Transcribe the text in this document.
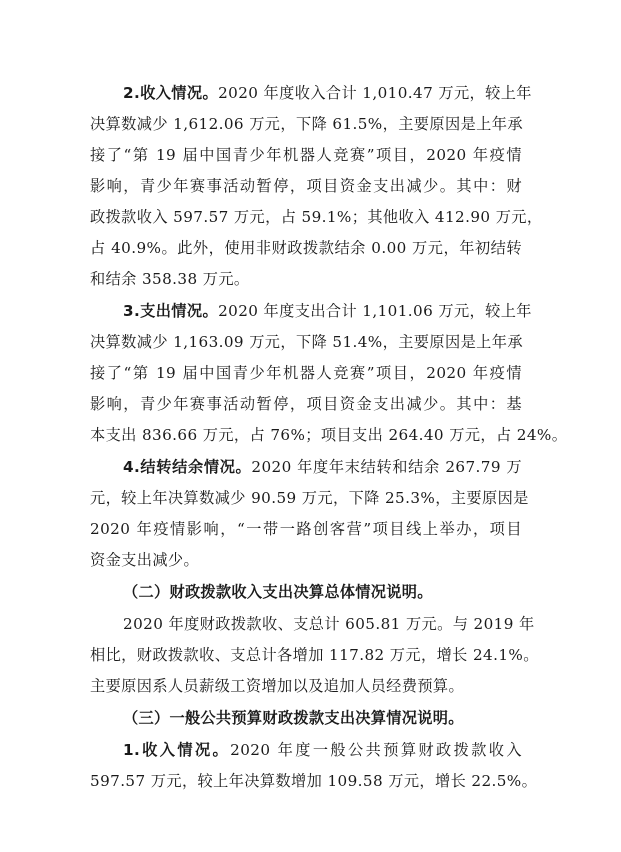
2.收入情况。2020 年度收入合计 1,010.47 万元，较上年
决算数减少 1,612.06 万元，下降 61.5%，主要原因是上年承
接了“第 19 届中国青少年机器人竞赛”项目，2020 年疫情
影响，青少年赛事活动暂停，项目资金支出减少。其中：财
政拨款收入 597.57 万元，占 59.1%；其他收入 412.90 万元，
占 40.9%。此外，使用非财政拨款结余 0.00 万元，年初结转
和结余 358.38 万元。
3.支出情况。2020 年度支出合计 1,101.06 万元，较上年
决算数减少 1,163.09 万元，下降 51.4%，主要原因是上年承
接了“第 19 届中国青少年机器人竞赛”项目，2020 年疫情
影响，青少年赛事活动暂停，项目资金支出减少。其中：基
本支出 836.66 万元，占 76%；项目支出 264.40 万元，占 24%。
4.结转结余情况。2020 年度年末结转和结余 267.79 万
元，较上年决算数减少 90.59 万元，下降 25.3%，主要原因是
2020 年疫情影响，“一带一路创客营”项目线上举办，项目
资金支出减少。
（二）财政拨款收入支出决算总体情况说明。
2020 年度财政拨款收、支总计 605.81 万元。与 2019 年
相比，财政拨款收、支总计各增加 117.82 万元，增长 24.1%。
主要原因系人员薪级工资增加以及追加人员经费预算。
（三）一般公共预算财政拨款支出决算情况说明。
1.收入情况。2020 年度一般公共预算财政拨款收入
597.57 万元，较上年决算数增加 109.58 万元，增长 22.5%。
